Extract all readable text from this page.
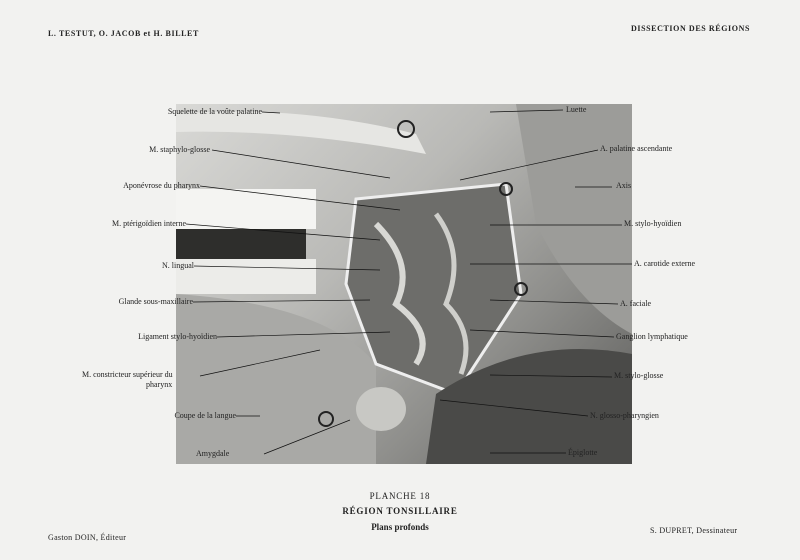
L. TESTUT, O. JACOB et H. BILLET
DISSECTION DES RÉGIONS
Squelette de la voûte palatine
M. staphylo-glosse
Aponévrose du pharynx
M. ptérigoïdien interne
N. lingual
Glande sous-maxillaire
Ligament stylo-hyoïdien
M. constricteur supérieur du
pharynx
Coupe de la langue
Amygdale
Luette
A. palatine ascendante
Axis
M. stylo-hyoïdien
A. carotide externe
A. faciale
Ganglion lymphatique
M. stylo-glosse
N. glosso-pharyngien
Épiglotte
PLANCHE 18
RÉGION TONSILLAIRE
Plans profonds
Gaston DOIN, Éditeur
S. DUPRET, Dessinateur
